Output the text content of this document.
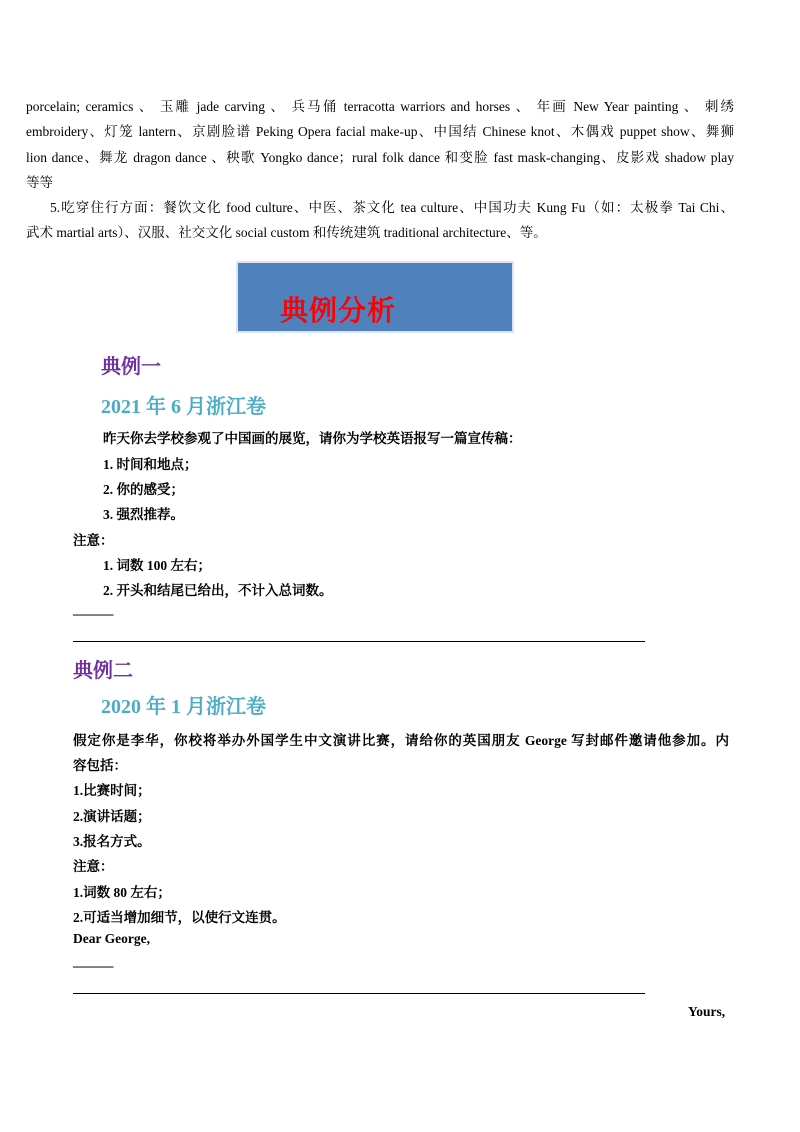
porcelain; ceramics 、 玉雕 jade carving 、 兵马俑 terracotta warriors and horses 、 年画 New Year painting 、 刺绣
embroidery、灯笼 lantern、京剧脸谱 Peking Opera facial make-up、中国结 Chinese knot、木偶戏 puppet show、舞狮
lion dance、舞龙 dragon dance 、秧歌 Yongko dance；rural folk dance 和变脸 fast mask-changing、皮影戏 shadow play
等等
5.吃穿住行方面：餐饮文化 food culture、中医、茶文化 tea culture、中国功夫 Kung Fu（如：太极拳 Tai Chi、
武术 martial arts）、汉服、社交文化 social custom 和传统建筑 traditional architecture、等。
典例分析
典例一
2021 年 6 月浙江卷
昨天你去学校参观了中国画的展览，请你为学校英语报写一篇宣传稿：
1. 时间和地点；
2. 你的感受；
3. 强烈推荐。
注意：
1. 词数 100 左右；
2. 开头和结尾已给出，不计入总词数。
———
典例二
2020 年 1 月浙江卷
假定你是李华，你校将举办外国学生中文演讲比赛，请给你的英国朋友 George 写封邮件邀请他参加。内
容包括：
1.比赛时间；
2.演讲话题；
3.报名方式。
注意：
1.词数 80 左右；
2.可适当增加细节，以使行文连贯。
Dear George,
———
Yours,
